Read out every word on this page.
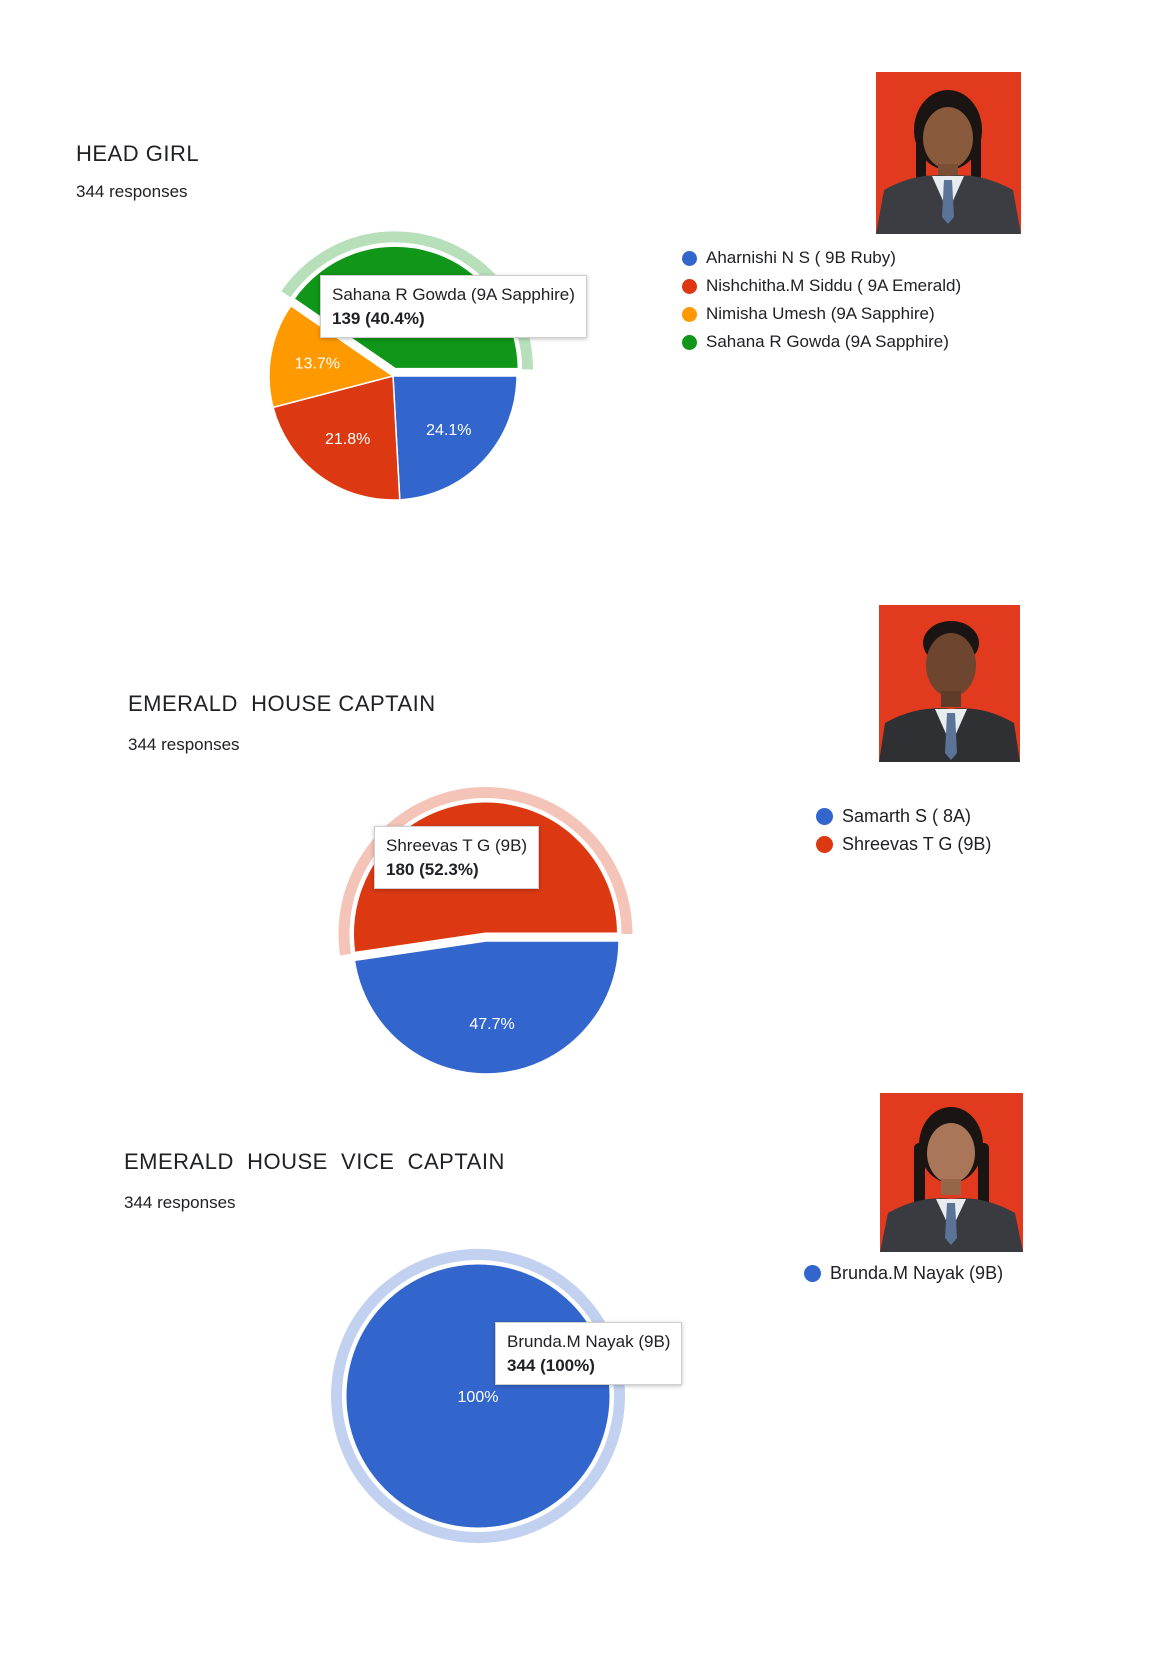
HEAD GIRL
344 responses
24.1%
21.8%
13.7%
Aharnishi N S ( 9B Ruby)
Nishchitha.M Siddu ( 9A Emerald)
Nimisha Umesh (9A Sapphire)
Sahana R Gowda (9A Sapphire)
Sahana R Gowda (9A Sapphire)
139 (40.4%)
EMERALD  HOUSE CAPTAIN
344 responses
47.7%
Samarth S ( 8A)
Shreevas T G (9B)
Shreevas T G (9B)
180 (52.3%)
EMERALD  HOUSE  VICE  CAPTAIN
344 responses
100%
Brunda.M Nayak (9B)
Brunda.M Nayak (9B)
344 (100%)
